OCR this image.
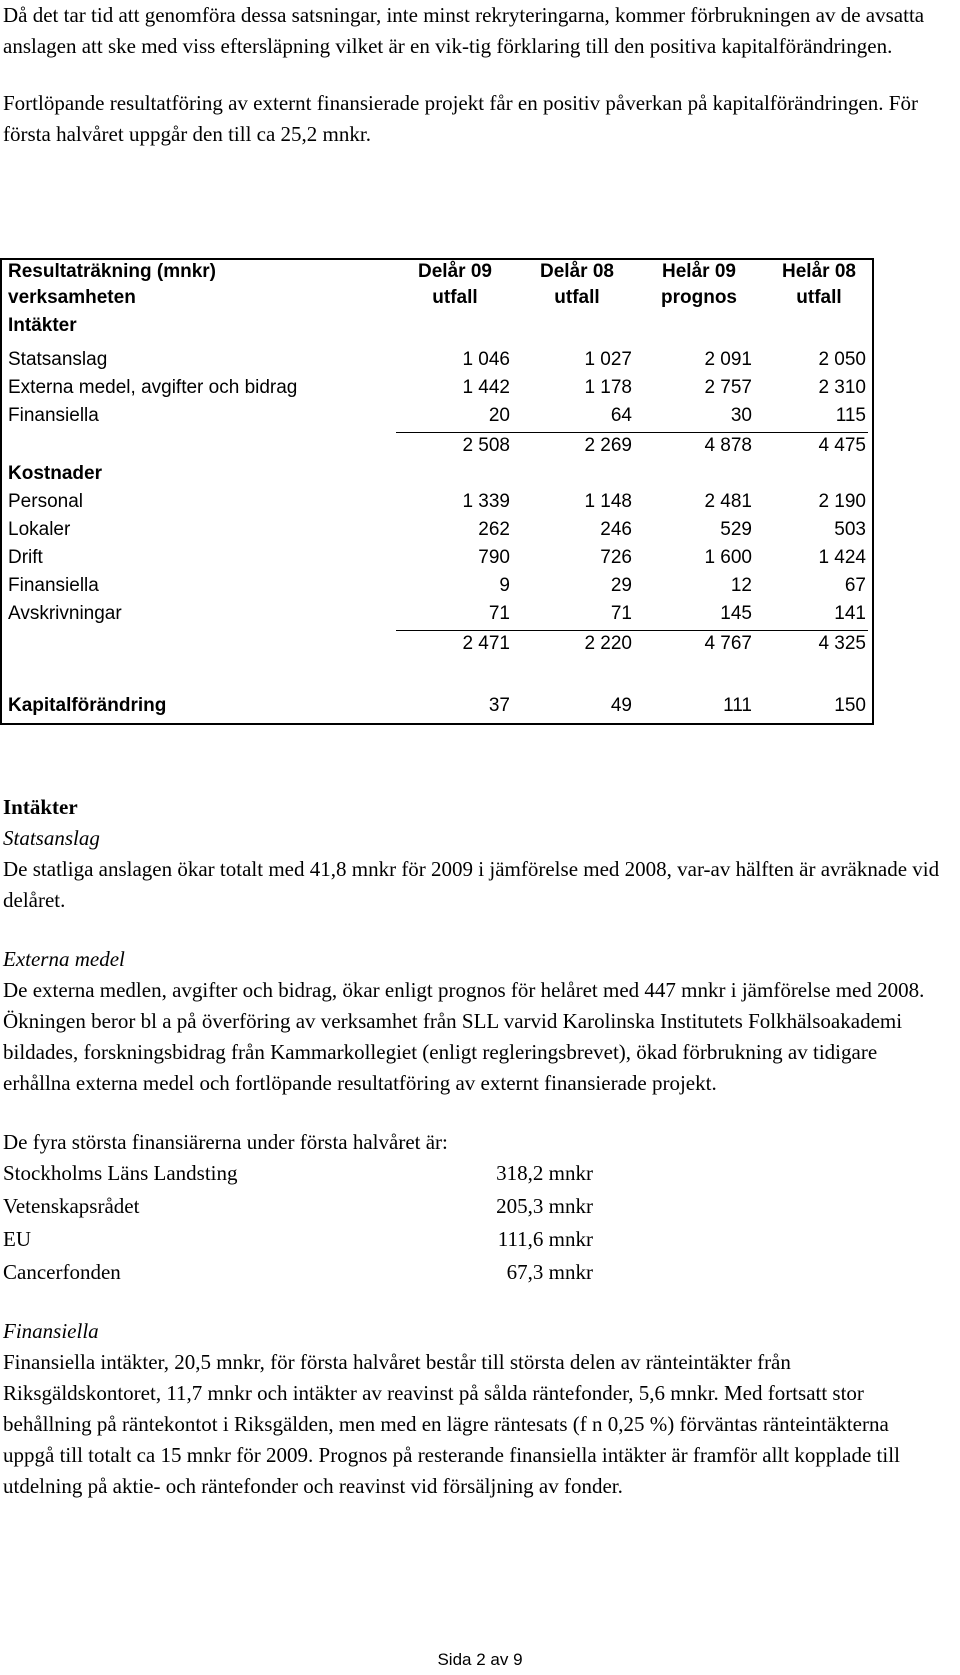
Då det tar tid att genomföra dessa satsningar, inte minst rekryteringarna, kommer förbrukningen av de avsatta anslagen att ske med viss eftersläpning vilket är en vik-tig förklaring till den positiva kapitalförändringen.

Fortlöpande resultatföring av externt finansierade projekt får en positiv påverkan på kapitalförändringen. För första halvåret uppgår den till ca 25,2 mnkr.

Resultaträkning (mnkr)	Delår 09	Delår 08	Helår 09	Helår 08
verksamheten	utfall	utfall	prognos	utfall
Intäkter
Statsanslag	1 046	1 027	2 091	2 050
Externa medel, avgifter och bidrag	1 442	1 178	2 757	2 310
Finansiella	20	64	30	115
2 508	2 269	4 878	4 475
Kostnader
Personal	1 339	1 148	2 481	2 190
Lokaler	262	246	529	503
Drift	790	726	1 600	1 424
Finansiella	9	29	12	67
Avskrivningar	71	71	145	141
2 471	2 220	4 767	4 325
Kapitalförändring	37	49	111	150

Intäkter

Statsanslag

De statliga anslagen ökar totalt med 41,8 mnkr för 2009 i jämförelse med 2008, var-av hälften är avräknade vid delåret.

Externa medel

De externa medlen, avgifter och bidrag, ökar enligt prognos för helåret med 447 mnkr i jämförelse med 2008. Ökningen beror bl a på överföring av verksamhet från SLL varvid Karolinska Institutets Folkhälsoakademi bildades, forskningsbidrag från Kammarkollegiet (enligt regleringsbrevet), ökad förbrukning av tidigare erhållna externa medel och fortlöpande resultatföring av externt finansierade projekt.

De fyra största finansiärerna under första halvåret är:

Stockholms Läns Landsting	318,2 mnkr
Vetenskapsrådet	205,3 mnkr
EU	111,6 mnkr
Cancerfonden	67,3 mnkr

Finansiella

Finansiella intäkter, 20,5 mnkr, för första halvåret består till största delen av ränteintäkter från Riksgäldskontoret, 11,7 mnkr och intäkter av reavinst på sålda räntefonder, 5,6 mnkr. Med fortsatt stor behållning på räntekontot i Riksgälden, men med en lägre räntesats (f n 0,25 %) förväntas ränteintäkterna uppgå till totalt ca 15 mnkr för 2009. Prognos på resterande finansiella intäkter är framför allt kopplade till utdelning på aktie- och räntefonder och reavinst vid försäljning av fonder.

Sida 2 av 9
